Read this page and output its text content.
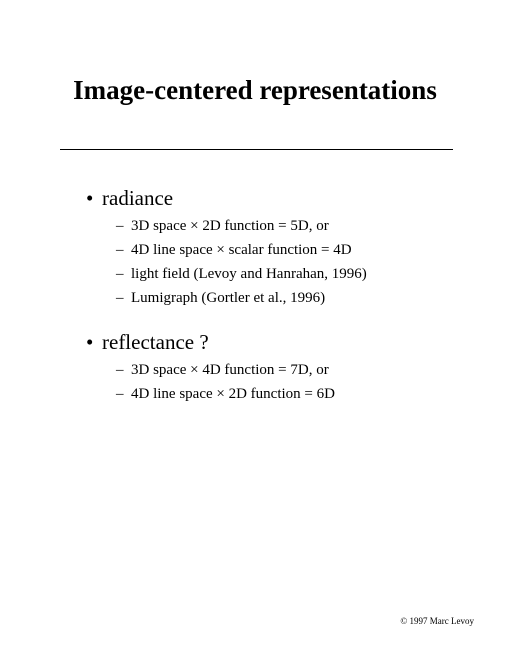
Image-centered representations
• radiance
– 3D space × 2D function = 5D, or
– 4D line space × scalar function = 4D
– light field (Levoy and Hanrahan, 1996)
– Lumigraph (Gortler et al., 1996)
• reflectance ?
– 3D space × 4D function = 7D, or
– 4D line space × 2D function = 6D
© 1997 Marc Levoy
